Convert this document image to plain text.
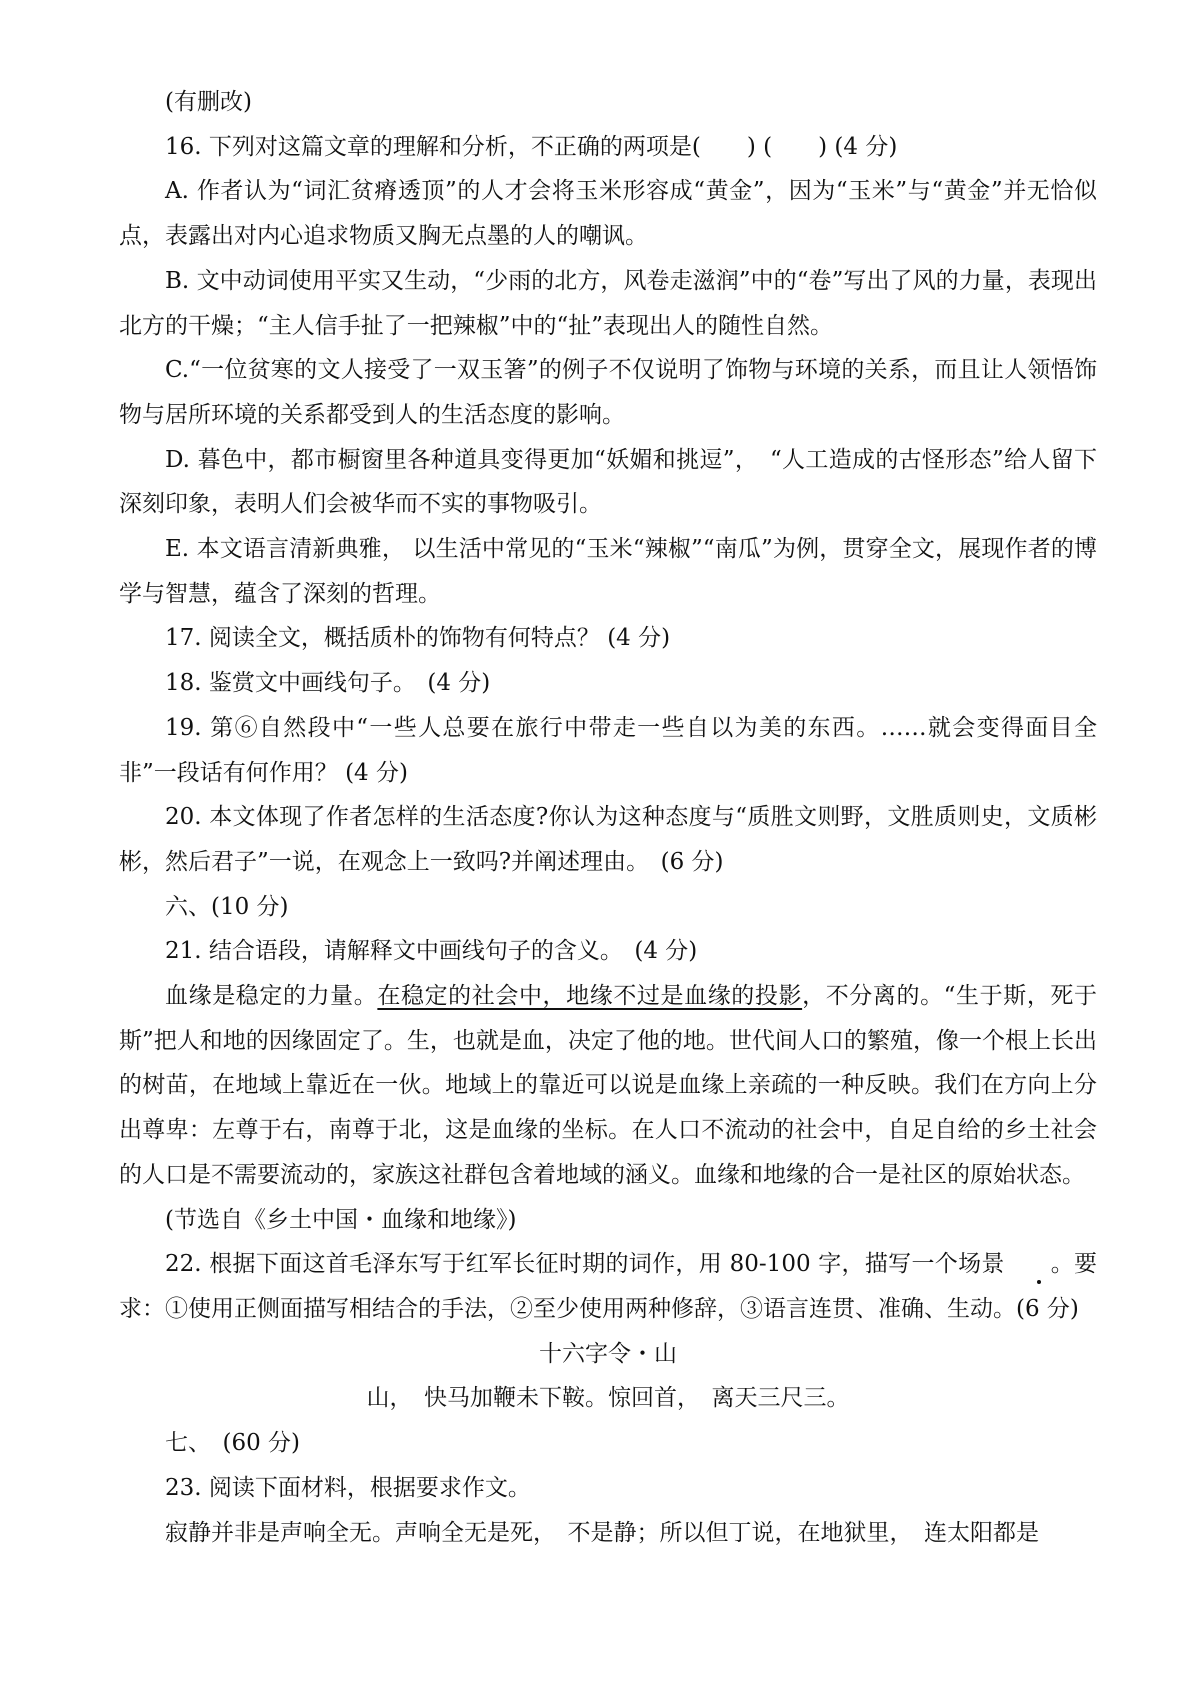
(有删改)

16. 下列对这篇文章的理解和分析，不正确的两项是(　　) (　　) (4 分)

A. 作者认为“词汇贫瘠透顶”的人才会将玉米形容成“黄金”，因为“玉米”与“黄金”并无恰似点，表露出对内心追求物质又胸无点墨的人的嘲讽。

B. 文中动词使用平实又生动，“少雨的北方，风卷走滋润”中的“卷”写出了风的力量，表现出北方的干燥；“主人信手扯了一把辣椒”中的“扯”表现出人的随性自然。

C.“一位贫寒的文人接受了一双玉箸”的例子不仅说明了饰物与环境的关系，而且让人领悟饰物与居所环境的关系都受到人的生活态度的影响。

D. 暮色中，都市橱窗里各种道具变得更加“妖媚和挑逗”，　“人工造成的古怪形态”给人留下深刻印象，表明人们会被华而不实的事物吸引。

E. 本文语言清新典雅， 以生活中常见的“玉米“辣椒”“南瓜”为例，贯穿全文，展现作者的博学与智慧，蕴含了深刻的哲理。

17. 阅读全文，概括质朴的饰物有何特点？ (4 分)

18. 鉴赏文中画线句子。　(4 分)

19. 第⑥自然段中“一些人总要在旅行中带走一些自以为美的东西。……就会变得面目全非”一段话有何作用？ (4 分)

20. 本文体现了作者怎样的生活态度?你认为这种态度与“质胜文则野，文胜质则史，文质彬彬，然后君子”一说，在观念上一致吗?并阐述理由。　(6 分)

六、(10 分)

21. 结合语段，请解释文中画线句子的含义。　(4 分)

血缘是稳定的力量。在稳定的社会中，地缘不过是血缘的投影，不分离的。“生于斯，死于斯”把人和地的因缘固定了。生，也就是血，决定了他的地。世代间人口的繁殖，像一个根上长出的树苗，在地域上靠近在一伙。地域上的靠近可以说是血缘上亲疏的一种反映。我们在方向上分出尊卑：左尊于右，南尊于北，这是血缘的坐标。在人口不流动的社会中，自足自给的乡土社会的人口是不需要流动的，家族这社群包含着地域的涵义。血缘和地缘的合一是社区的原始状态。

(节选自《乡土中国・血缘和地缘》)

22. 根据下面这首毛泽东写于红军长征时期的词作，用 80-100 字，描写一个场景 。要求：①使用正侧面描写相结合的手法，②至少使用两种修辞，③语言连贯、准确、生动。(6 分)

十六字令・山

山，　快马加鞭未下鞍。惊回首，　离天三尺三。

七、　(60 分)

23. 阅读下面材料，根据要求作文。

寂静并非是声响全无。声响全无是死，　不是静；所以但丁说，在地狱里，　连太阳都是
